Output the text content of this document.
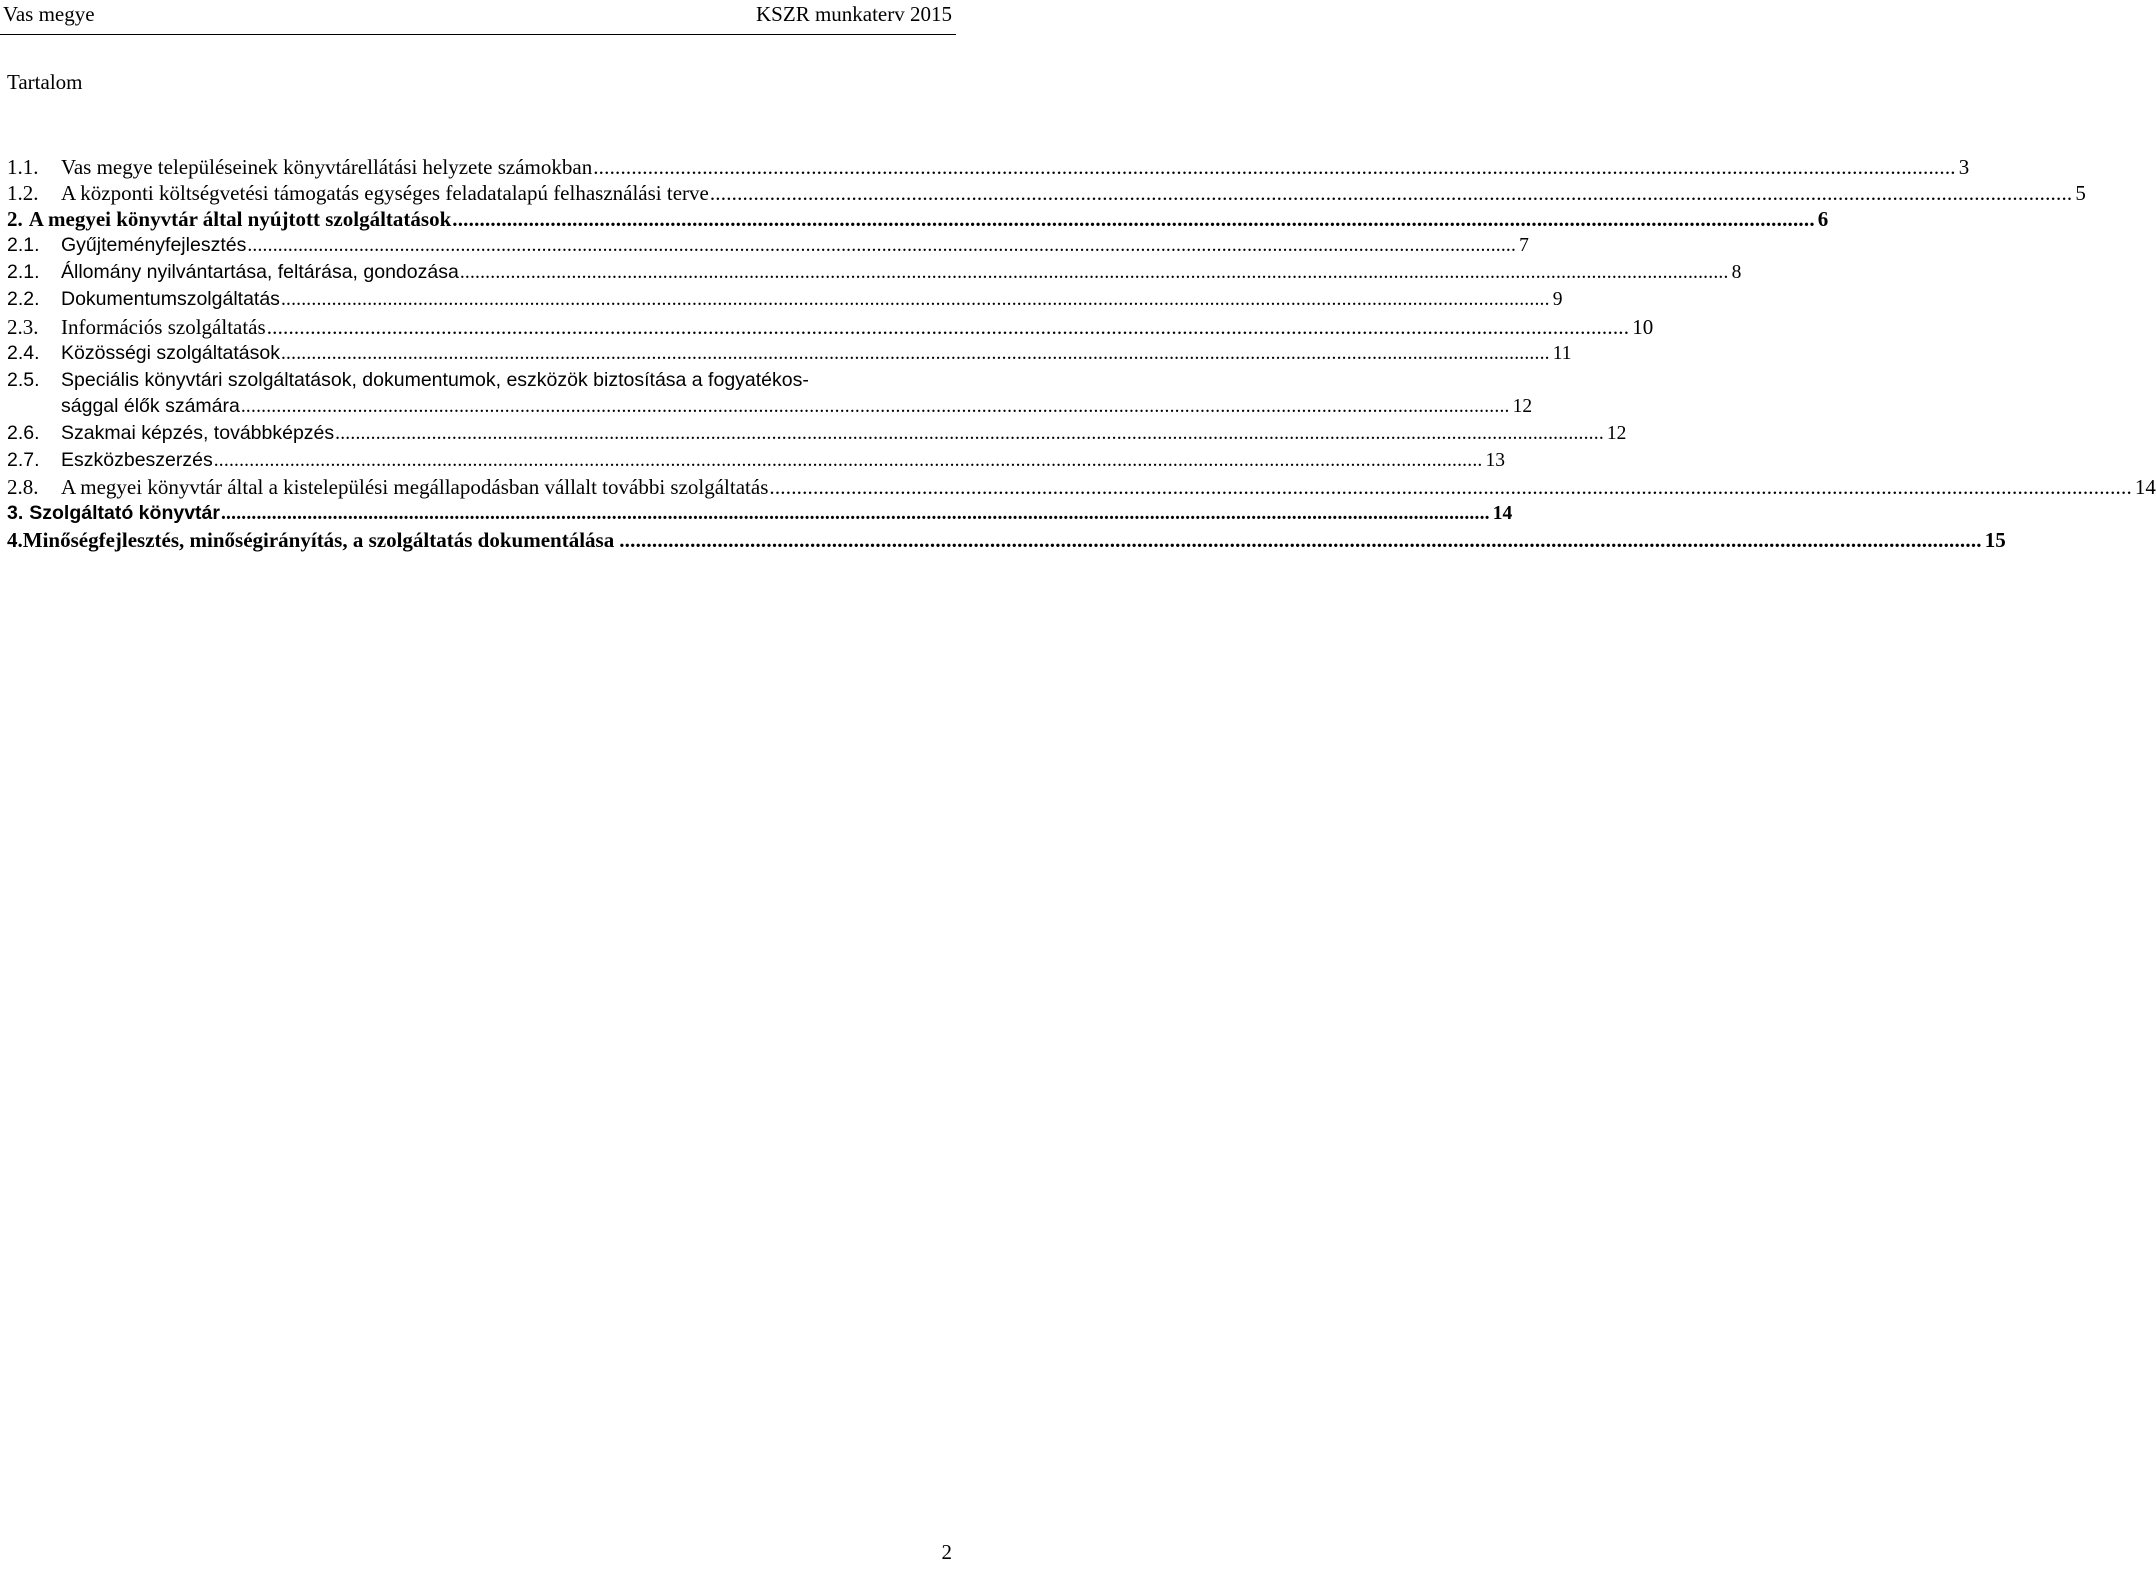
Vas megye	KSZR munkaterv 2015
Tartalom
1.1.	Vas megye településeinek könyvtárellátási helyzete számokban .....	3
1.2.	A központi költségvetési támogatás egységes feladatalapú felhasználási terve .....	5
2. A megyei könyvtár által nyújtott szolgáltatások .....	6
2.1.	Gyűjteményfejlesztés .....	7
2.1.	Állomány nyilvántartása, feltárása, gondozása .....	8
2.2.	Dokumentumszolgáltatás .....	9
2.3.	Információs szolgáltatás .....	10
2.4.	Közösségi szolgáltatások .....	11
2.5.	Speciális könyvtári szolgáltatások, dokumentumok, eszközök biztosítása a fogyatékos-
sággal élők számára .....	12
2.6.	Szakmai képzés, továbbképzés .....	12
2.7.	Eszközbeszerzés .....	13
2.8.	A megyei könyvtár által a kistelepülési megállapodásban vállalt további szolgáltatás .....	14
3. Szolgáltató könyvtár .....	14
4. Minőségfejlesztés, minőségirányítás, a szolgáltatás dokumentálása .....	15
2
